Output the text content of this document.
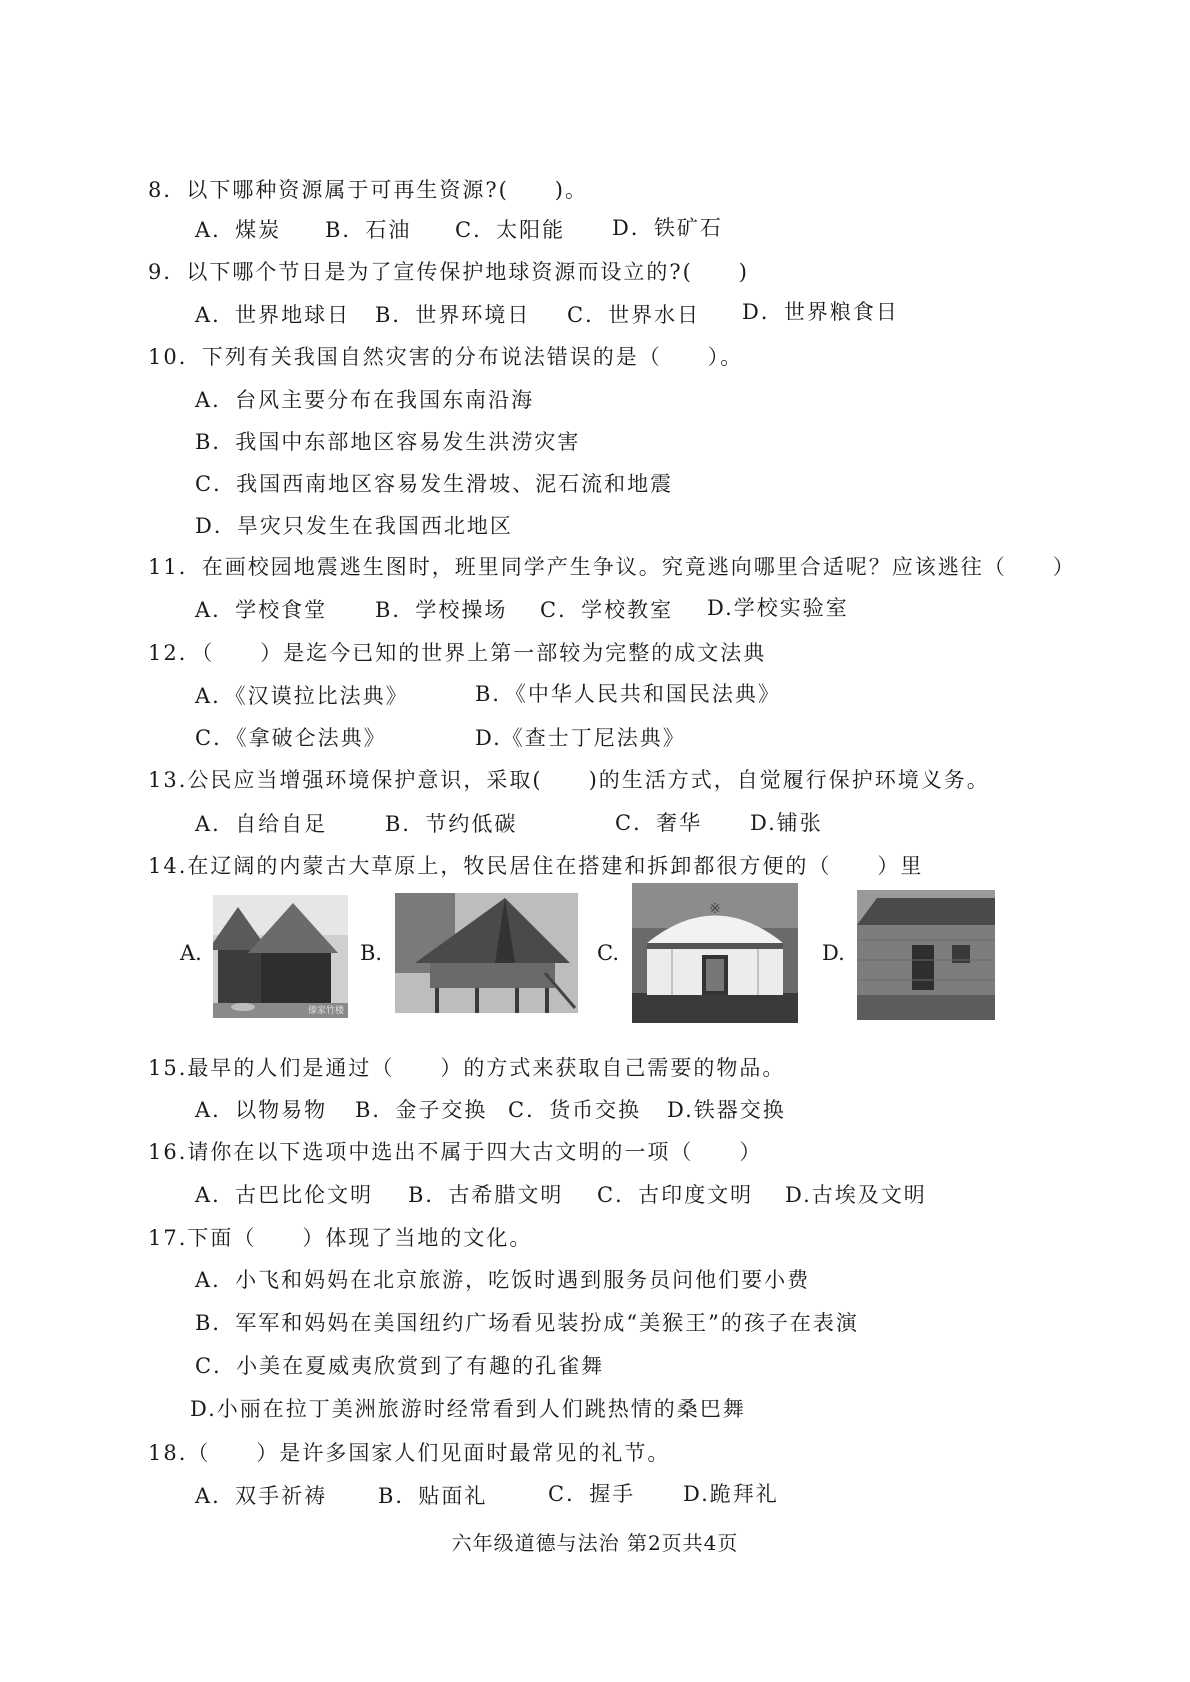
8．以下哪种资源属于可再生资源?(　　)。
A．煤炭 B．石油 C．太阳能 D．铁矿石
9．以下哪个节日是为了宣传保护地球资源而设立的?(　　)
A．世界地球日 B．世界环境日 C．世界水日 D．世界粮食日
10．下列有关我国自然灾害的分布说法错误的是（　　）。
A．台风主要分布在我国东南沿海
B．我国中东部地区容易发生洪涝灾害
C．我国西南地区容易发生滑坡、泥石流和地震
D．旱灾只发生在我国西北地区
11．在画校园地震逃生图时，班里同学产生争议。究竟逃向哪里合适呢？应该逃往（　　）
A．学校食堂 B．学校操场 C．学校教室 D.学校实验室
12．（　　）是迄今已知的世界上第一部较为完整的成文法典
A．《汉谟拉比法典》	B．《中华人民共和国民法典》
C．《拿破仑法典》	D.《查士丁尼法典》
13.公民应当增强环境保护意识，采取(　　)的生活方式，自觉履行保护环境义务。
A．自给自足	B．节约低碳	C．奢华 D.铺张
14.在辽阔的内蒙古大草原上，牧民居住在搭建和拆卸都很方便的（　　）里
A.
傣家竹楼
B.	C.
※
D.
15.最早的人们是通过（　　）的方式来获取自己需要的物品。
A．以物易物 B．金子交换 C．货币交换 D.铁器交换
16.请你在以下选项中选出不属于四大古文明的一项（　　）
A．古巴比伦文明 B．古希腊文明 C．古印度文明 D.古埃及文明
17.下面（　　）体现了当地的文化。
A．小飞和妈妈在北京旅游，吃饭时遇到服务员问他们要小费
B．军军和妈妈在美国纽约广场看见装扮成“美猴王”的孩子在表演
C．小美在夏威夷欣赏到了有趣的孔雀舞
D.小丽在拉丁美洲旅游时经常看到人们跳热情的桑巴舞
18.（　　）是许多国家人们见面时最常见的礼节。
A．双手祈祷 B．贴面礼	C．握手 D.跪拜礼
六年级道德与法治 第2页共4页
